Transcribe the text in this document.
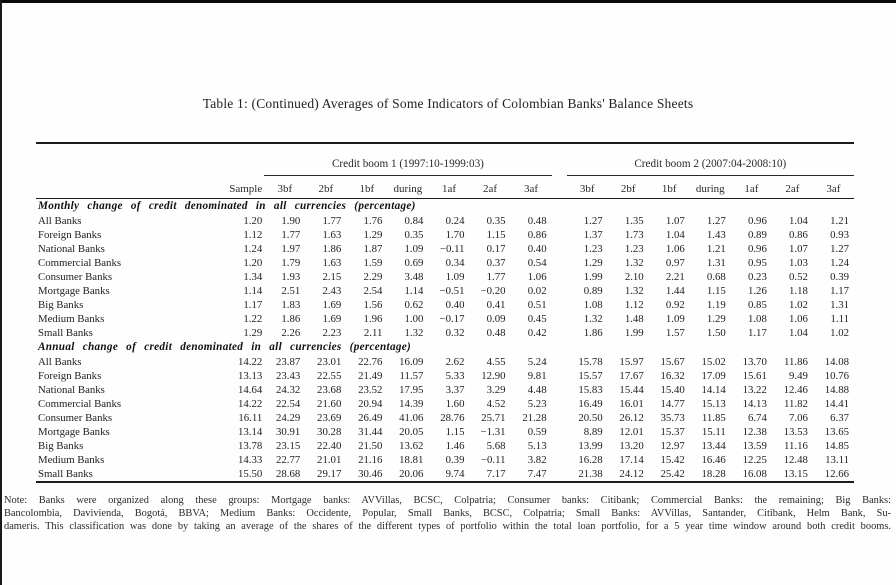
Table 1: (Continued) Averages of Some Indicators of Colombian Banks' Balance Sheets
		Credit boom 1 (1997:10-1999:03)								Credit boom 2 (2007:04-2008:10)						
	Sample	3bf	2bf	1bf	during	1af	2af	3af		3bf	2bf	1bf	during	1af	2af	3af
Monthly change of credit denominated in all currencies (percentage)																
All Banks	1.20	1.90	1.77	1.76	0.84	0.24	0.35	0.48		1.27	1.35	1.07	1.27	0.96	1.04	1.21
Foreign Banks	1.12	1.77	1.63	1.29	0.35	1.70	1.15	0.86		1.37	1.73	1.04	1.43	0.89	0.86	0.93
National Banks	1.24	1.97	1.86	1.87	1.09	−0.11	0.17	0.40		1.23	1.23	1.06	1.21	0.96	1.07	1.27
Commercial Banks	1.20	1.79	1.63	1.59	0.69	0.34	0.37	0.54		1.29	1.32	0.97	1.31	0.95	1.03	1.24
Consumer Banks	1.34	1.93	2.15	2.29	3.48	1.09	1.77	1.06		1.99	2.10	2.21	0.68	0.23	0.52	0.39
Mortgage Banks	1.14	2.51	2.43	2.54	1.14	−0.51	−0.20	0.02		0.89	1.32	1.44	1.15	1.26	1.18	1.17
Big Banks	1.17	1.83	1.69	1.56	0.62	0.40	0.41	0.51		1.08	1.12	0.92	1.19	0.85	1.02	1.31
Medium Banks	1.22	1.86	1.69	1.96	1.00	−0.17	0.09	0.45		1.32	1.48	1.09	1.29	1.08	1.06	1.11
Small Banks	1.29	2.26	2.23	2.11	1.32	0.32	0.48	0.42		1.86	1.99	1.57	1.50	1.17	1.04	1.02
Annual change of credit denominated in all currencies (percentage)																
All Banks	14.22	23.87	23.01	22.76	16.09	2.62	4.55	5.24		15.78	15.97	15.67	15.02	13.70	11.86	14.08
Foreign Banks	13.13	23.43	22.55	21.49	11.57	5.33	12.90	9.81		15.57	17.67	16.32	17.09	15.61	9.49	10.76
National Banks	14.64	24.32	23.68	23.52	17.95	3.37	3.29	4.48		15.83	15.44	15.40	14.14	13.22	12.46	14.88
Commercial Banks	14.22	22.54	21.60	20.94	14.39	1.60	4.52	5.23		16.49	16.01	14.77	15.13	14.13	11.82	14.41
Consumer Banks	16.11	24.29	23.69	26.49	41.06	28.76	25.71	21.28		20.50	26.12	35.73	11.85	6.74	7.06	6.37
Mortgage Banks	13.14	30.91	30.28	31.44	20.05	1.15	−1.31	0.59		8.89	12.01	15.37	15.11	12.38	13.53	13.65
Big Banks	13.78	23.15	22.40	21.50	13.62	1.46	5.68	5.13		13.99	13.20	12.97	13.44	13.59	11.16	14.85
Medium Banks	14.33	22.77	21.01	21.16	18.81	0.39	−0.11	3.82		16.28	17.14	15.42	16.46	12.25	12.48	13.11
Small Banks	15.50	28.68	29.17	30.46	20.06	9.74	7.17	7.47		21.38	24.12	25.42	18.28	16.08	13.15	12.66
Note: Banks were organized along these groups: Mortgage banks: AVVillas, BCSC, Colpatria; Consumer banks: Citibank; Commercial Banks: the remaining; Big Banks:
Bancolombia, Davivienda, Bogotá, BBVA; Medium Banks: Occidente, Popular, Small Banks, BCSC, Colpatria; Small Banks: AVVillas, Santander, Citibank, Helm Bank, Su-
dameris. This classification was done by taking an average of the shares of the different types of portfolio within the total loan portfolio, for a 5 year time window around both credit booms.
